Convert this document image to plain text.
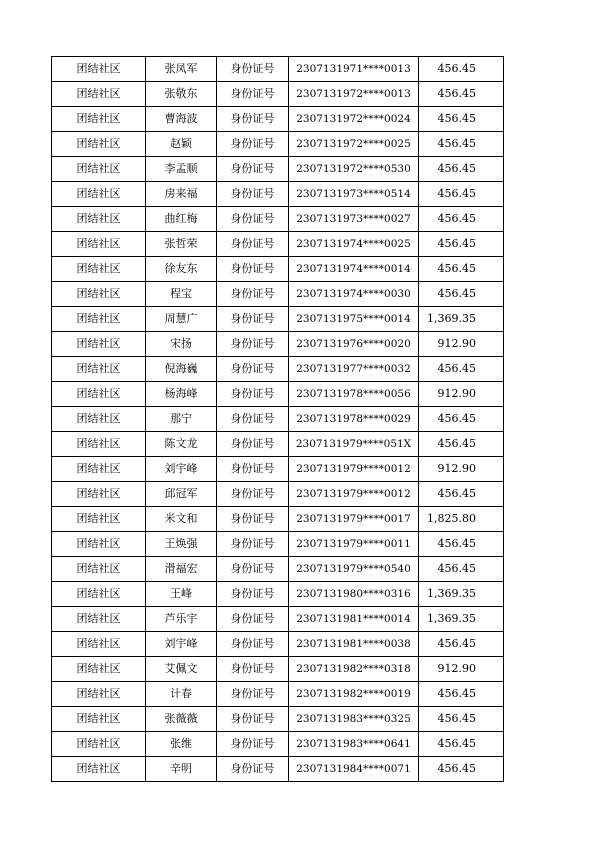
团结社区	张凤军	身份证号	2307131971****0013	456.45
团结社区	张敬东	身份证号	2307131972****0013	456.45
团结社区	曹海波	身份证号	2307131972****0024	456.45
团结社区	赵颖	身份证号	2307131972****0025	456.45
团结社区	李孟顺	身份证号	2307131972****0530	456.45
团结社区	房来福	身份证号	2307131973****0514	456.45
团结社区	曲红梅	身份证号	2307131973****0027	456.45
团结社区	张哲荣	身份证号	2307131974****0025	456.45
团结社区	徐友东	身份证号	2307131974****0014	456.45
团结社区	程宝	身份证号	2307131974****0030	456.45
团结社区	周慧广	身份证号	2307131975****0014	1,369.35
团结社区	宋扬	身份证号	2307131976****0020	912.90
团结社区	倪海巍	身份证号	2307131977****0032	456.45
团结社区	杨海峰	身份证号	2307131978****0056	912.90
团结社区	那宁	身份证号	2307131978****0029	456.45
团结社区	陈文龙	身份证号	2307131979****051X	456.45
团结社区	刘宇峰	身份证号	2307131979****0012	912.90
团结社区	邱冠军	身份证号	2307131979****0012	456.45
团结社区	米文和	身份证号	2307131979****0017	1,825.80
团结社区	王焕强	身份证号	2307131979****0011	456.45
团结社区	滑福宏	身份证号	2307131979****0540	456.45
团结社区	王峰	身份证号	2307131980****0316	1,369.35
团结社区	芦乐宇	身份证号	2307131981****0014	1,369.35
团结社区	刘宇峰	身份证号	2307131981****0038	456.45
团结社区	艾佩文	身份证号	2307131982****0318	912.90
团结社区	计春	身份证号	2307131982****0019	456.45
团结社区	张薇薇	身份证号	2307131983****0325	456.45
团结社区	张维	身份证号	2307131983****0641	456.45
团结社区	辛明	身份证号	2307131984****0071	456.45
